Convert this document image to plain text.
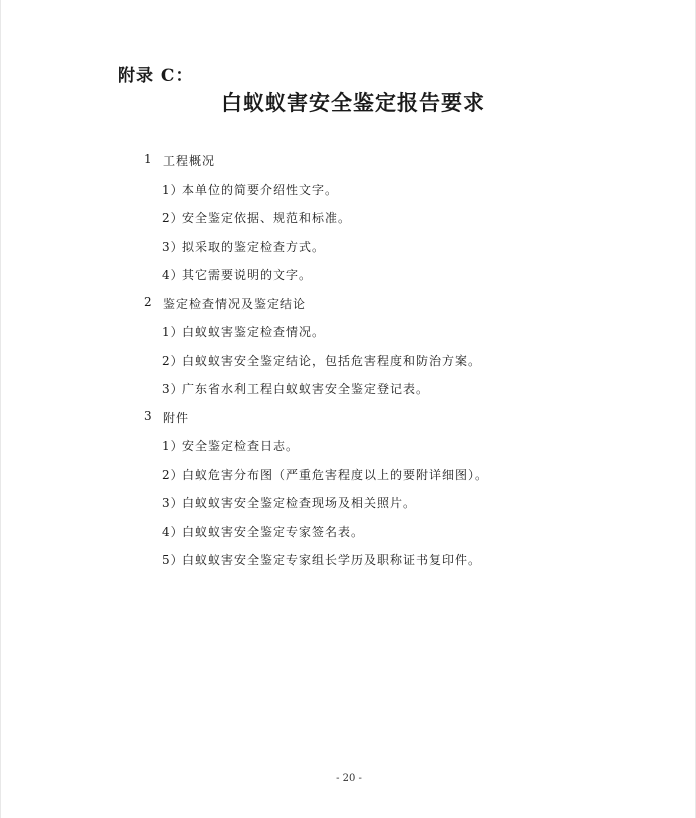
附录 C：
白蚁蚁害安全鉴定报告要求
1 工程概况
1）
本单位的简要介绍性文字。
2）
安全鉴定依据、规范和标准。
3）
拟采取的鉴定检查方式。
4）
其它需要说明的文字。
2 鉴定检查情况及鉴定结论
1）
白蚁蚁害鉴定检查情况。
2）
白蚁蚁害安全鉴定结论，包括危害程度和防治方案。
3）
广东省水利工程白蚁蚁害安全鉴定登记表。
3 附件
1）
安全鉴定检查日志。
2）
白蚁危害分布图（严重危害程度以上的要附详细图）。
3）
白蚁蚁害安全鉴定检查现场及相关照片。
4）
白蚁蚁害安全鉴定专家签名表。
5）
白蚁蚁害安全鉴定专家组长学历及职称证书复印件。
- 20 -
